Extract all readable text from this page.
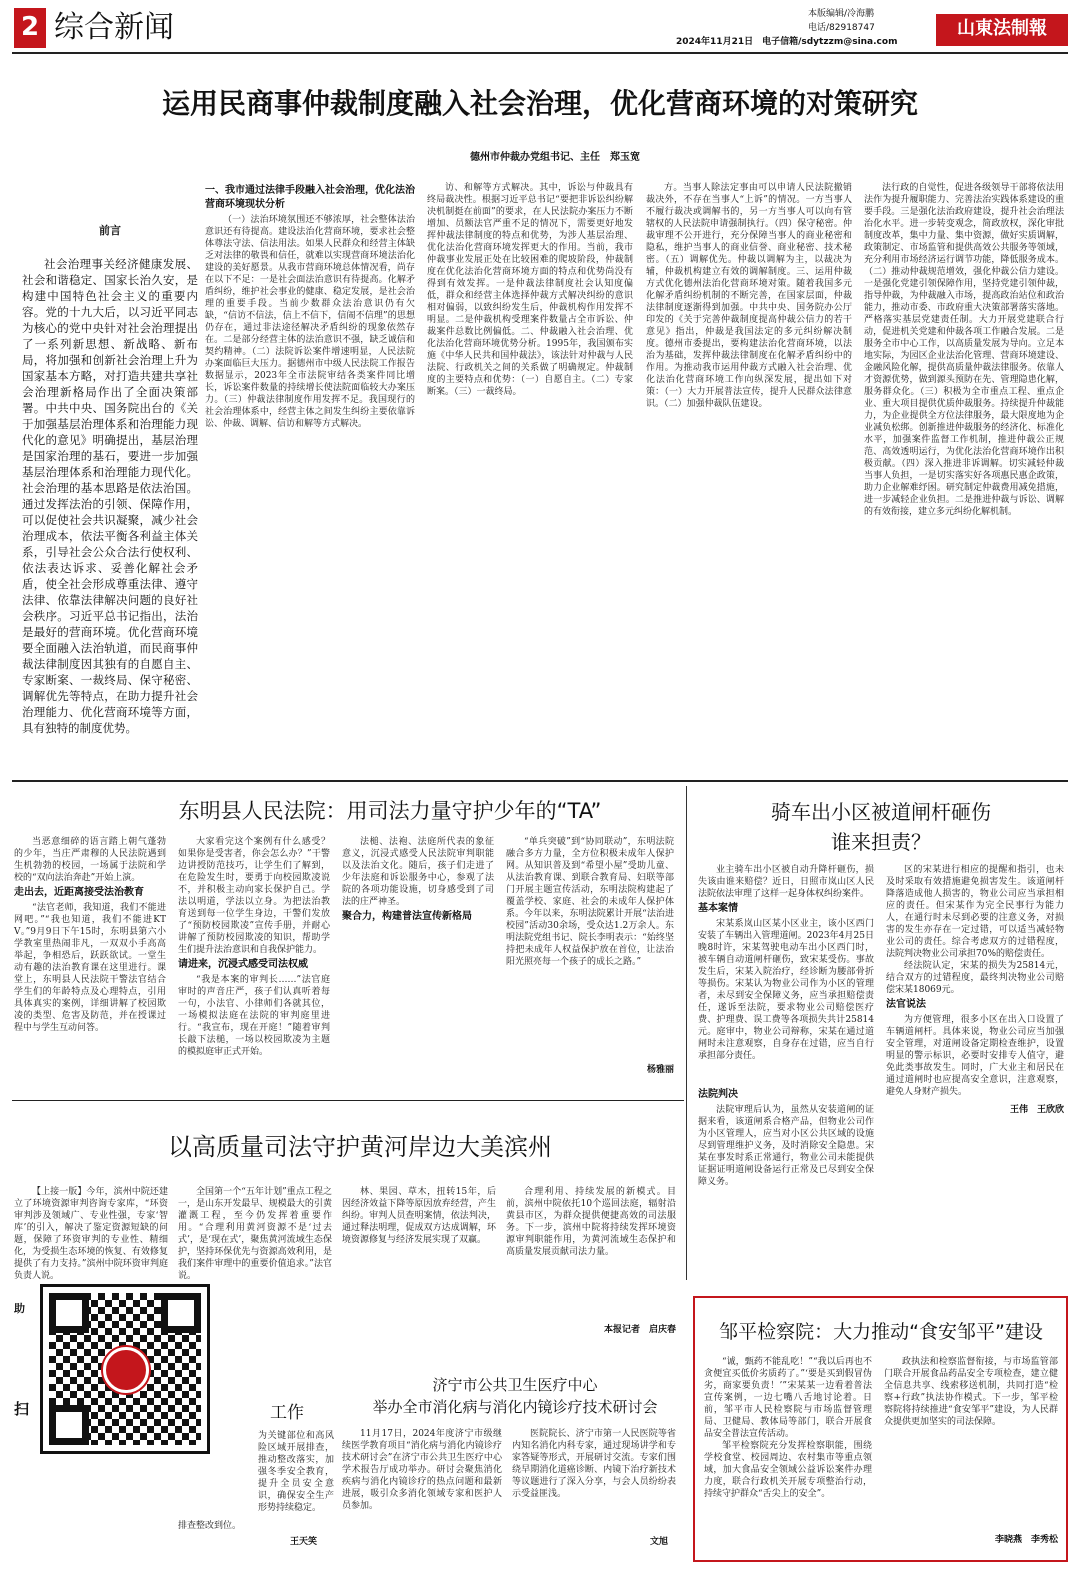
2 综合新闻	本版编辑/冷海鹏
电话/82918747
2024年11月21日　电子信箱/sdytzzm@sina.com
山東法制報
运用民商事仲裁制度融入社会治理，优化营商环境的对策研究
德州市仲裁办党组书记、主任　郑玉宽
前言
社会治理事关经济健康发展、社会和谐稳定、国家长治久安，是构建中国特色社会主义的重要内容。党的十九大后，以习近平同志为核心的党中央针对社会治理提出了一系列新思想、新战略、新布局，将加强和创新社会治理上升为国家基本方略，对打造共建共享社会治理新格局作出了全面决策部署。中共中央、国务院出台的《关于加强基层治理体系和治理能力现代化的意见》明确提出，基层治理是国家治理的基石，要进一步加强基层治理体系和治理能力现代化。社会治理的基本思路是依法治国。通过发挥法治的引领、保障作用，可以促使社会共识凝聚，减少社会治理成本，依法平衡各利益主体关系，引导社会公众合法行使权利、依法表达诉求、妥善化解社会矛盾，使全社会形成尊重法律、遵守法律、依靠法律解决问题的良好社会秩序。习近平总书记指出，法治是最好的营商环境。优化营商环境要全面融入法治轨道，而民商事仲裁法律制度因其独有的自愿自主、专家断案、一裁终局、保守秘密、调解优先等特点，在助力提升社会治理能力、优化营商环境等方面，具有独特的制度优势。
一、我市通过法律手段融入社会治理，优化法治营商环境现状分析
（一）法治环境氛围还不够浓厚，社会整体法治意识还有待提高。建设法治化营商环境，要求社会整体尊法守法、信法用法。如果人民群众和经营主体缺乏对法律的敬畏和信任，就难以实现营商环境法治化建设的美好愿景。从我市营商环境总体情况看，尚存在以下不足：一是社会面法治意识有待提高。化解矛盾纠纷，维护社会事业的健康、稳定发展，是社会治理的重要手段。当前少数群众法治意识仍有欠缺，“信访不信法，信上不信下，信闹不信理”的思想仍存在，通过非法途径解决矛盾纠纷的现象依然存在。二是部分经营主体的法治意识不强，缺乏诚信和契约精神。（二）法院诉讼案件增速明显，人民法院办案面临巨大压力。据德州市中级人民法院工作报告数据显示，2023年全市法院审结各类案件同比增长，诉讼案件数量的持续增长使法院面临较大办案压力。（三）仲裁法律制度作用发挥不足。我国现行的社会治理体系中，经营主体之间发生纠纷主要依靠诉讼、仲裁、调解、信访和解等方式解决。
访、和解等方式解决。其中，诉讼与仲裁具有终局裁决性。根据习近平总书记“要把非诉讼纠纷解决机制挺在前面”的要求，在人民法院办案压力不断增加、员额法官严重不足的情况下，需要更好地发挥仲裁法律制度的特点和优势，为涉人基层治理、优化法治化营商环境发挥更大的作用。当前，我市仲裁事业发展正处在比较困难的爬坡阶段，仲裁制度在优化法治化营商环境方面的特点和优势尚没有得到有效发挥。一是仲裁法律制度社会认知度偏低，群众和经营主体选择仲裁方式解决纠纷的意识相对偏弱，以致纠纷发生后，仲裁机构作用发挥不明显。二是仲裁机构受理案件数量占全市诉讼、仲裁案件总数比例偏低。二、仲裁融入社会治理、优化法治化营商环境优势分析。1995年，我国颁布实施《中华人民共和国仲裁法》，该法针对仲裁与人民法院、行政机关之间的关系做了明确规定。仲裁制度的主要特点和优势：（一）自愿自主。（二）专家断案。（三）一裁终局。
方。当事人除法定事由可以申请人民法院撤销裁决外，不存在当事人“上诉”的情况。一方当事人不履行裁决或调解书的，另一方当事人可以向有管辖权的人民法院申请强制执行。（四）保守秘密。仲裁审理不公开进行，充分保障当事人的商业秘密和隐私，维护当事人的商业信誉、商业秘密、技术秘密。（五）调解优先。仲裁以调解为主，以裁决为辅，仲裁机构建立有效的调解制度。三、运用仲裁方式优化德州法治化营商环境对策。随着我国多元化解矛盾纠纷机制的不断完善，在国家层面，仲裁法律制度逐渐得到加强。中共中央、国务院办公厅印发的《关于完善仲裁制度提高仲裁公信力的若干意见》指出，仲裁是我国法定的多元纠纷解决制度。德州市委提出，要构建法治化营商环境，以法治为基础，发挥仲裁法律制度在化解矛盾纠纷中的作用。为推动我市运用仲裁方式融入社会治理、优化法治化营商环境工作向纵深发展，提出如下对策：（一）大力开展普法宣传，提升人民群众法律意识。（二）加强仲裁队伍建设。
法行政的自觉性，促进各级领导干部将依法用法作为提升履职能力、完善法治实践体系建设的重要手段。三是强化法治政府建设，提升社会治理法治化水平。进一步转变观念，简政放权，深化审批制度改革，集中力量、集中资源，做好实质调解，政策制定、市场监管和提供高效公共服务等领域，充分利用市场经济运行调节功能，降低服务成本。（二）推动仲裁规范增效，强化仲裁公信力建设。一是强化党建引领保障作用，坚持党建引领仲裁，指导仲裁，为仲裁融入市场，提高政治站位和政治能力，推动市委、市政府重大决策部署落实落地。严格落实基层党建责任制。大力开展党建联合行动，促进机关党建和仲裁各项工作融合发展。二是服务全市中心工作，以高质量发展为导向。立足本地实际，为园区企业法治化管理、营商环境建设、金融风险化解，提供高质量仲裁法律服务。依靠人才资源优势，做到源头预防在先、管理隐患化解，服务群众化。（三）积极为全市重点工程、重点企业、重大项目提供优质仲裁服务。持续提升仲裁能力，为企业提供全方位法律服务，最大限度地为企业减负松绑。创新推进仲裁服务的经济化、标准化水平，加强案件监督工作机制，推进仲裁公正规范、高效透明运行，为优化法治化营商环境作出积极贡献。（四）深入推进非诉调解。切实减轻仲裁当事人负担，一是切实落实好各项惠民惠企政策，助力企业解难纾困。研究制定仲裁费用减免措施，进一步减轻企业负担。二是推进仲裁与诉讼、调解的有效衔接，建立多元纠纷化解机制。
东明县人民法院：用司法力量守护少年的“TA”
当恶意细碎的语言踏上朝气蓬勃的少年，当庄严肃穆的人民法院遇到生机勃勃的校园，一场属于法院和学校的“双向法治奔赴”开始上演。
走出去，近距离接受法治教育
“法官老师，我知道，我们不能进网吧。”“我也知道，我们不能进KTV。”9月9日下午15时，东明县第六小学教室里热闹非凡，一双双小手高高举起，争相恐后，跃跃欲试。一堂生动有趣的法治教育课在这里进行。课堂上，东明县人民法院干警法官结合学生们的年龄特点及心理特点，引用具体真实的案例，详细讲解了校园欺凌的类型、危害及防范，并在授课过程中与学生互动问答。
大家看完这个案例有什么感受？如果你是受害者，你会怎么办？”干警边讲授防范技巧，让学生们了解到，在危险发生时，要勇于向校园欺凌说不，并积极主动向家长保护自己。学法以明道，学法以立身。为把法治教育送到每一位学生身边，干警们发放了“预防校园欺凌”宣传手册，并耐心讲解了预防校园欺凌的知识，帮助学生们提升法治意识和自我保护能力。
请进来，沉浸式感受司法权威
“我是本案的审判长……”法官庭审时的声音庄严，孩子们认真听着每一句，小法官、小律师们各就其位，一场模拟法庭在法院的审判庭里进行。“我宣布，现在开庭！”随着审判长敲下法槌，一场以校园欺凌为主题的模拟庭审正式开始。
法槌、法袍、法庭所代表的象征意义，沉浸式感受人民法院审判职能以及法治文化。随后，孩子们走进了少年法庭和诉讼服务中心，参观了法院的各项功能设施，切身感受到了司法的庄严神圣。
聚合力，构建普法宣传新格局
“单兵突破”到“协同联动”，东明法院融合多方力量，全方位积极未成年人保护网。从知识普及到“希望小屋”受助儿童、从法治教育课、到联合教育局、妇联等部门开展主题宣传活动，东明法院构建起了覆盖学校、家庭、社会的未成年人保护体系。今年以来，东明法院累计开展“法治进校园”活动30余场，受众达1.2万余人。东明法院党组书记、院长李明表示：“始终坚持把未成年人权益保护放在首位，让法治阳光照亮每一个孩子的成长之路。”
杨雅丽
骑车出小区被道闸杆砸伤
谁来担责？
业主骑车出小区被自动升降杆砸伤，损失该由谁来赔偿？近日，日照市岚山区人民法院依法审理了这样一起身体权纠纷案件。
基本案情
宋某系岚山区某小区业主，该小区西门安装了车辆出入管理道闸。2023年4月25日晚8时许，宋某驾驶电动车出小区西门时，被车辆自动道闸杆砸伤，致宋某受伤。事故发生后，宋某入院治疗，经诊断为腰部骨折等损伤。宋某认为物业公司作为小区的管理者，未尽到安全保障义务，应当承担赔偿责任，遂诉至法院，要求物业公司赔偿医疗费、护理费、误工费等各项损失共计25814元。庭审中，物业公司辩称，宋某在通过道闸时未注意观察，自身存在过错，应当自行承担部分责任。
法院判决
法院审理后认为，虽然从安装道闸的证据来看，该道闸系合格产品，但物业公司作为小区管理人，应当对小区公共区域的设施尽到管理维护义务，及时消除安全隐患。宋某在事发时系正常通行，物业公司未能提供证据证明道闸设备运行正常及已尽到安全保障义务。
区的宋某进行相应的提醒和指引，也未及时采取有效措施避免损害发生。该道闸杆降落造成他人损害的，物业公司应当承担相应的责任。但宋某作为完全民事行为能力人，在通行时未尽到必要的注意义务，对损害的发生亦存在一定过错，可以适当减轻物业公司的责任。综合考虑双方的过错程度，法院判决物业公司承担70%的赔偿责任。
经法院认定，宋某的损失为25814元，结合双方的过错程度，最终判决物业公司赔偿宋某18069元。
法官说法
为方便管理，很多小区在出入口设置了车辆道闸杆。具体来说，物业公司应当加强安全管理，对道闸设备定期检查维护，设置明显的警示标识，必要时安排专人值守，避免此类事故发生。同时，广大业主和居民在通过道闸时也应提高安全意识，注意观察，避免人身财产损失。
王伟　王欣欣
以高质量司法守护黄河岸边大美滨州
【上接一版】今年，滨州中院还建立了环境资源审判咨询专家库，“环资审判涉及领域广、专业性强，专家‘智库’的引入，解决了鉴定资源短缺的问题，保障了环资审判的专业性、精细化，为受损生态环境的恢复、有效修复提供了有力支持。”滨州中院环资审判庭负责人说。
全国第一个“五年计划”重点工程之一，是山东开发最早、规模最大的引黄灌溉工程，至今仍发挥着重要作用。“合理利用黄河资源不是‘过去式’，是‘现在式’，聚焦黄河流域生态保护，坚持环保优先与资源高效利用，是我们案件审理中的重要价值追求。”法官说。
林、果园、草木，扭转15年，后因经济效益下降等原因放弃经营，产生纠纷。审判人员查明案情，依法判决，通过释法明理，促成双方达成调解，环境资源修复与经济发展实现了双赢。
合理利用、持续发展的新模式。目前，滨州中院依托10个巡回法庭，辐射沿黄县市区，为群众提供便捷高效的司法服务。下一步，滨州中院将持续发挥环境资源审判职能作用，为黄河流域生态保护和高质量发展贡献司法力量。
本报记者　启庆春
助
扫	工作
为关键部位和高风险区域开展排查，推动整改落实，加强冬季安全教育，提升全员安全意识，确保安全生产形势持续稳定。
排查整改到位。
王天笑
济宁市公共卫生医疗中心
举办全市消化病与消化内镜诊疗技术研讨会
11月17日，2024年度济宁市级继续医学教育项目“消化病与消化内镜诊疗技术研讨会”在济宁市公共卫生医疗中心学术报告厅成功举办。研讨会聚焦消化疾病与消化内镜诊疗的热点问题和最新进展，吸引众多消化领域专家和医护人员参加。
医院院长、济宁市第一人民医院等省内知名消化内科专家，通过现场讲学和专家答疑等形式，开展研讨交流。专家们围绕早期消化道癌诊断、内镜下治疗新技术等议题进行了深入分享，与会人员纷纷表示受益匪浅。
文旭
邹平检察院：大力推动“食安邹平”建设
“诚，甄药不能乱吃！”“我以后再也不贪便宜买低价劣质药了。”‘要是买到假冒伪劣，商家要负责！’”宋某某一边看着普法宣传案例，一边七嘴八舌地讨论着。日前，邹平市人民检察院与市场监督管理局、卫健局、教体局等部门，联合开展食品安全普法宣传活动。
邹平检察院充分发挥检察职能，围绕学校食堂、校园周边、农村集市等重点领域，加大食品安全领域公益诉讼案件办理力度，联合行政机关开展专项整治行动，持续守护群众“舌尖上的安全”。
政执法和检察监督衔接，与市场监管部门联合开展食品药品安全专项检查，建立健全信息共享、线索移送机制，共同打造“检察+行政”执法协作模式。下一步，邹平检察院将持续推进“食安邹平”建设，为人民群众提供更加坚实的司法保障。
李晓燕　李秀松
